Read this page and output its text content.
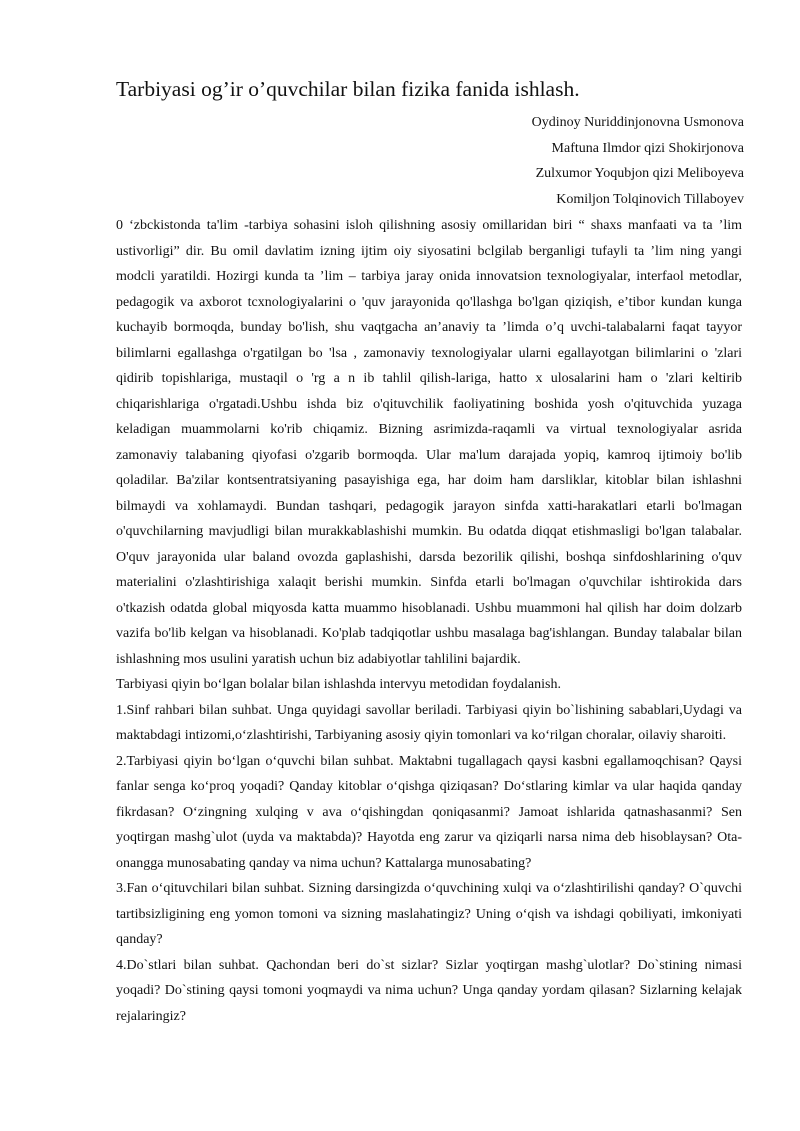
Tarbiyasi og’ir o’quvchilar bilan fizika fanida ishlash.
Oydinoy Nuriddinjonovna Usmonova
Maftuna Ilmdor qizi Shokirjonova
Zulxumor Yoqubjon qizi Meliboyeva
Komiljon Tolqinovich Tillaboyev

0 ‘zbckistonda ta'lim -tarbiya sohasini isloh qilishning asosiy omillaridan biri “ shaxs manfaati va ta ’lim ustivorligi” dir. Bu omil davlatim izning ijtim oiy siyosatini bclgilab berganligi tufayli ta ’lim ning yangi modcli yaratildi. Hozirgi kunda ta ’lim – tarbiya jaray onida innovatsion texnologiyalar, interfaol metodlar, pedagogik va axborot tcxnologiyalarini o 'quv jarayonida qo'llashga bo'lgan qiziqish, e’tibor kundan kunga kuchayib bormoqda, bunday bo'lish, shu vaqtgacha an’anaviy ta ’limda o’q uvchi-talabalarni faqat tayyor bilimlarni egallashga o'rgatilgan bo 'lsa , zamonaviy texnologiyalar ularni egallayotgan bilimlarini o 'zlari qidirib topishlariga, mustaqil o 'rg a n ib tahlil qilish-lariga, hatto x ulosalarini ham o 'zlari keltirib chiqarishlariga o'rgatadi.Ushbu ishda biz o'qituvchilik faoliyatining boshida yosh o'qituvchida yuzaga keladigan muammolarni ko'rib chiqamiz. Bizning asrimizda-raqamli va virtual texnologiyalar asrida zamonaviy talabaning qiyofasi o'zgarib bormoqda. Ular ma'lum darajada yopiq, kamroq ijtimoiy bo'lib qoladilar. Ba'zilar kontsentratsiyaning pasayishiga ega, har doim ham darsliklar, kitoblar bilan ishlashni bilmaydi va xohlamaydi. Bundan tashqari, pedagogik jarayon sinfda xatti-harakatlari etarli bo'lmagan o'quvchilarning mavjudligi bilan murakkablashishi mumkin. Bu odatda diqqat etishmasligi bo'lgan talabalar. O'quv jarayonida ular baland ovozda gaplashishi, darsda bezorilik qilishi, boshqa sinfdoshlarining o'quv materialini o'zlashtirishiga xalaqit berishi mumkin. Sinfda etarli bo'lmagan o'quvchilar ishtirokida dars o'tkazish odatda global miqyosda katta muammo hisoblanadi. Ushbu muammoni hal qilish har doim dolzarb vazifa bo'lib kelgan va hisoblanadi. Ko'plab tadqiqotlar ushbu masalaga bag'ishlangan. Bunday talabalar bilan ishlashning mos usulini yaratish uchun biz adabiyotlar tahlilini bajardik.

Tarbiyasi qiyin bo‘lgan bolalar bilan ishlashda intervyu metodidan foydalanish.

1.Sinf rahbari bilan suhbat. Unga quyidagi savollar beriladi. Tarbiyasi qiyin bo`lishining sabablari,Uydagi va maktabdagi intizomi,o‘zlashtirishi, Tarbiyaning asosiy qiyin tomonlari va ko‘rilgan choralar, oilaviy sharoiti.

2.Tarbiyasi qiyin bo‘lgan o‘quvchi bilan suhbat. Maktabni tugallagach qaysi kasbni egallamoqchisan? Qaysi fanlar senga ko‘proq yoqadi? Qanday kitoblar o‘qishga qiziqasan? Do‘stlaring kimlar va ular haqida qanday fikrdasan? O‘zingning xulqing v ava o‘qishingdan qoniqasanmi? Jamoat ishlarida qatnashasanmi? Sen yoqtirgan mashg`ulot (uyda va maktabda)? Hayotda eng zarur va qiziqarli narsa nima deb hisoblaysan? Ota- onangga munosabating qanday va nima uchun? Kattalarga munosabating?

3.Fan o‘qituvchilari bilan suhbat. Sizning darsingizda o‘quvchining xulqi va o‘zlashtirilishi qanday? O`quvchi tartibsizligining eng yomon tomoni va sizning maslahatingiz? Uning o‘qish va ishdagi qobiliyati, imkoniyati qanday?

4.Do`stlari bilan suhbat. Qachondan beri do`st sizlar? Sizlar yoqtirgan mashg`ulotlar? Do`stining nimasi yoqadi? Do`stining qaysi tomoni yoqmaydi va nima uchun? Unga qanday yordam qilasan? Sizlarning kelajak rejalaringiz?
